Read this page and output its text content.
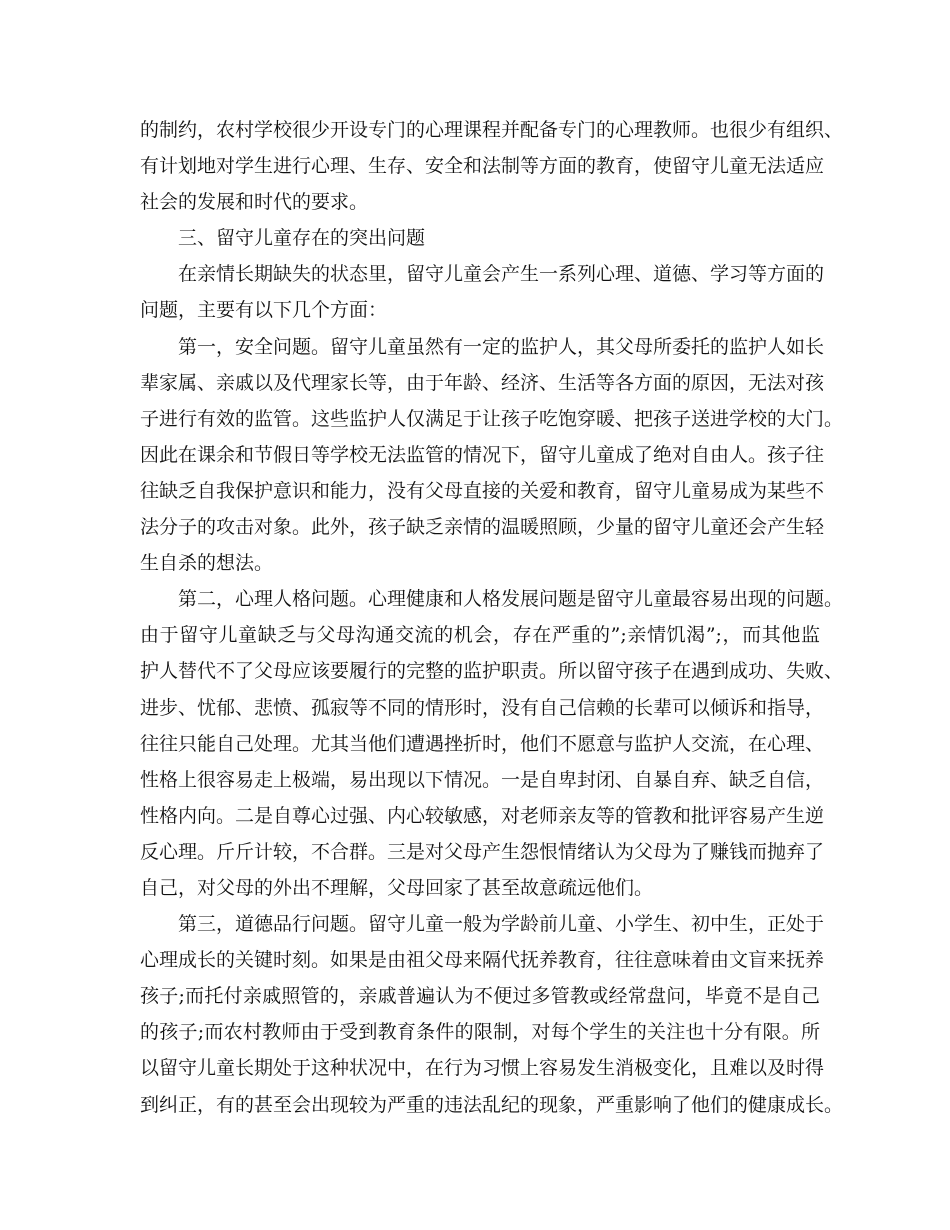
的制约，农村学校很少开设专门的心理课程并配备专门的心理教师。也很少有组织、
有计划地对学生进行心理、生存、安全和法制等方面的教育，使留守儿童无法适应
社会的发展和时代的要求。
三、留守儿童存在的突出问题
在亲情长期缺失的状态里，留守儿童会产生一系列心理、道德、学习等方面的
问题，主要有以下几个方面：
第一，安全问题。留守儿童虽然有一定的监护人，其父母所委托的监护人如长
辈家属、亲戚以及代理家长等，由于年龄、经济、生活等各方面的原因，无法对孩
子进行有效的监管。这些监护人仅满足于让孩子吃饱穿暖、把孩子送进学校的大门。
因此在课余和节假日等学校无法监管的情况下，留守儿童成了绝对自由人。孩子往
往缺乏自我保护意识和能力，没有父母直接的关爱和教育，留守儿童易成为某些不
法分子的攻击对象。此外，孩子缺乏亲情的温暖照顾，少量的留守儿童还会产生轻
生自杀的想法。
第二，心理人格问题。心理健康和人格发展问题是留守儿童最容易出现的问题。
由于留守儿童缺乏与父母沟通交流的机会，存在严重的”;亲情饥渴”;，而其他监
护人替代不了父母应该要履行的完整的监护职责。所以留守孩子在遇到成功、失败、
进步、忧郁、悲愤、孤寂等不同的情形时，没有自己信赖的长辈可以倾诉和指导，
往往只能自己处理。尤其当他们遭遇挫折时，他们不愿意与监护人交流，在心理、
性格上很容易走上极端，易出现以下情况。一是自卑封闭、自暴自弃、缺乏自信，
性格内向。二是自尊心过强、内心较敏感，对老师亲友等的管教和批评容易产生逆
反心理。斤斤计较，不合群。三是对父母产生怨恨情绪认为父母为了赚钱而抛弃了
自己，对父母的外出不理解，父母回家了甚至故意疏远他们。
第三，道德品行问题。留守儿童一般为学龄前儿童、小学生、初中生，正处于
心理成长的关键时刻。如果是由祖父母来隔代抚养教育，往往意味着由文盲来抚养
孩子;而托付亲戚照管的，亲戚普遍认为不便过多管教或经常盘问，毕竟不是自己
的孩子;而农村教师由于受到教育条件的限制，对每个学生的关注也十分有限。所
以留守儿童长期处于这种状况中，在行为习惯上容易发生消极变化，且难以及时得
到纠正，有的甚至会出现较为严重的违法乱纪的现象，严重影响了他们的健康成长。
